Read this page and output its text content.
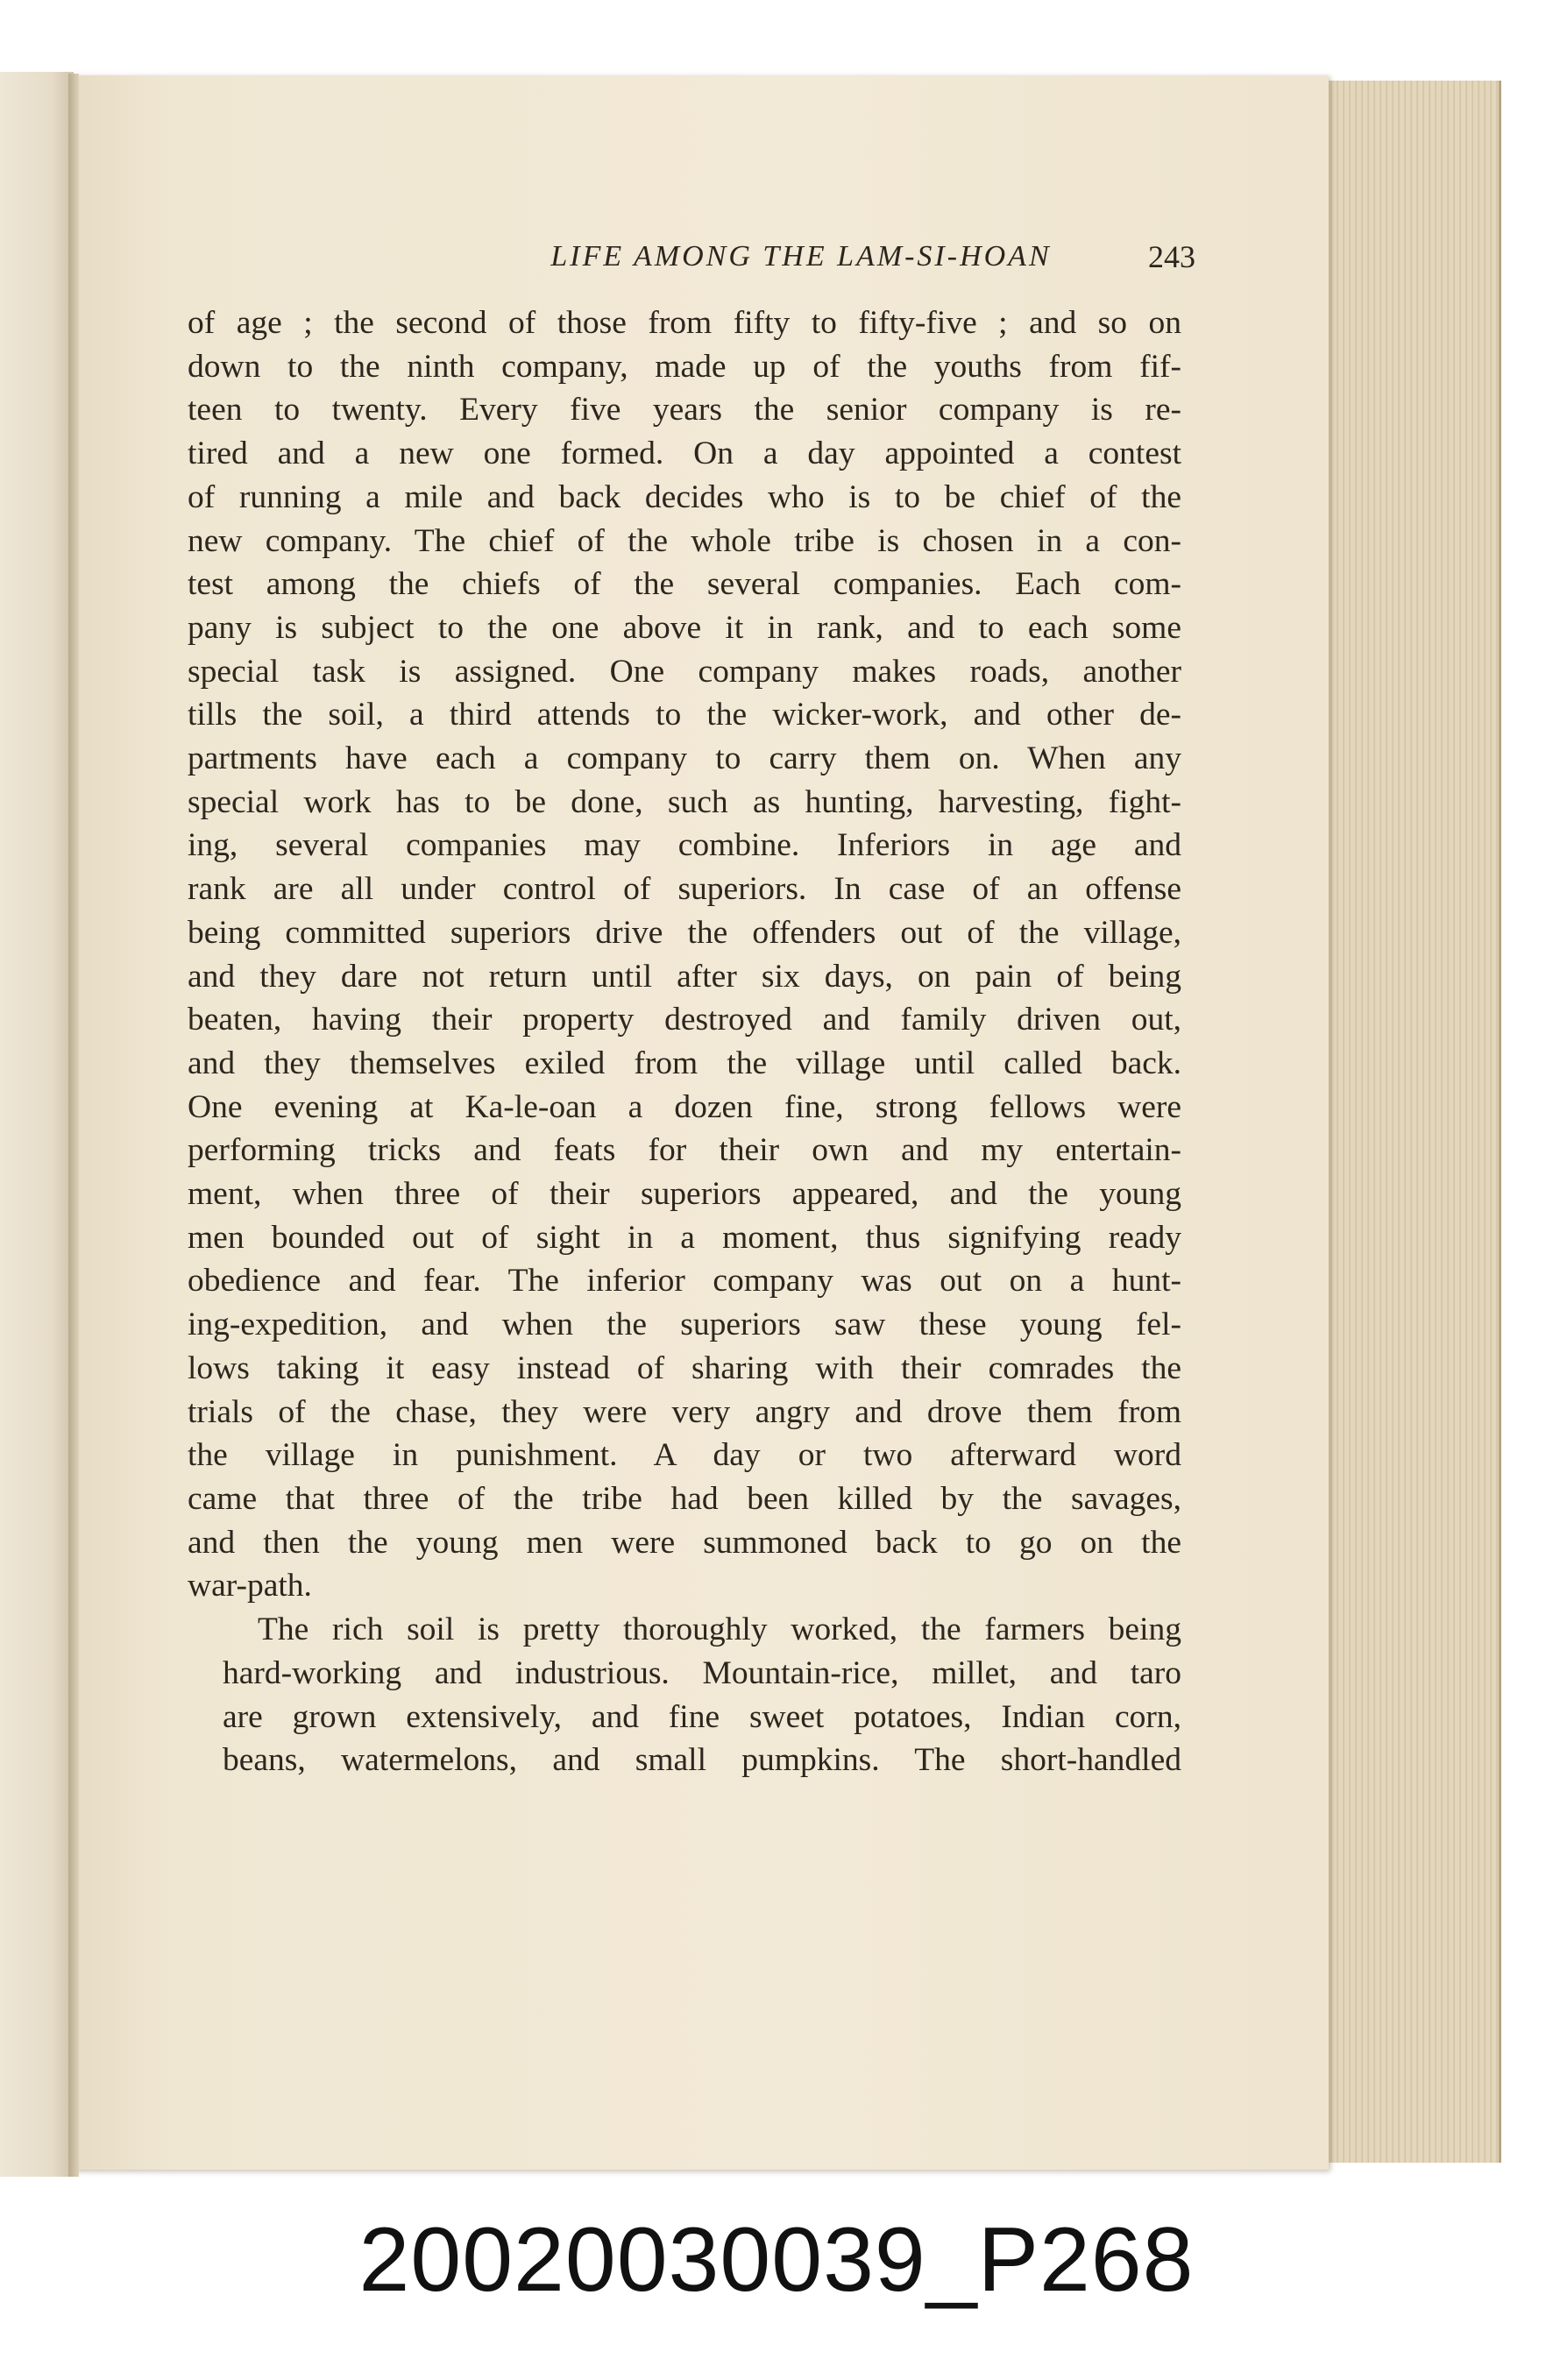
LIFE AMONG THE LAM-SI-HOAN	243

of age ; the second of those from fifty to fifty-five ; and so on
down to the ninth company, made up of the youths from fif-
teen to twenty. Every five years the senior company is re-
tired and a new one formed. On a day appointed a contest
of running a mile and back decides who is to be chief of the
new company. The chief of the whole tribe is chosen in a con-
test among the chiefs of the several companies. Each com-
pany is subject to the one above it in rank, and to each some
special task is assigned. One company makes roads, another
tills the soil, a third attends to the wicker-work, and other de-
partments have each a company to carry them on. When any
special work has to be done, such as hunting, harvesting, fight-
ing, several companies may combine. Inferiors in age and
rank are all under control of superiors. In case of an offense
being committed superiors drive the offenders out of the village,
and they dare not return until after six days, on pain of being
beaten, having their property destroyed and family driven out,
and they themselves exiled from the village until called back.
One evening at Ka-le-oan a dozen fine, strong fellows were
performing tricks and feats for their own and my entertain-
ment, when three of their superiors appeared, and the young
men bounded out of sight in a moment, thus signifying ready
obedience and fear. The inferior company was out on a hunt-
ing-expedition, and when the superiors saw these young fel-
lows taking it easy instead of sharing with their comrades the
trials of the chase, they were very angry and drove them from
the village in punishment. A day or two afterward word
came that three of the tribe had been killed by the savages,
and then the young men were summoned back to go on the
war-path.

The rich soil is pretty thoroughly worked, the farmers being
hard-working and industrious. Mountain-rice, millet, and taro
are grown extensively, and fine sweet potatoes, Indian corn,
beans, watermelons, and small pumpkins. The short-handled

20020030039_P268
